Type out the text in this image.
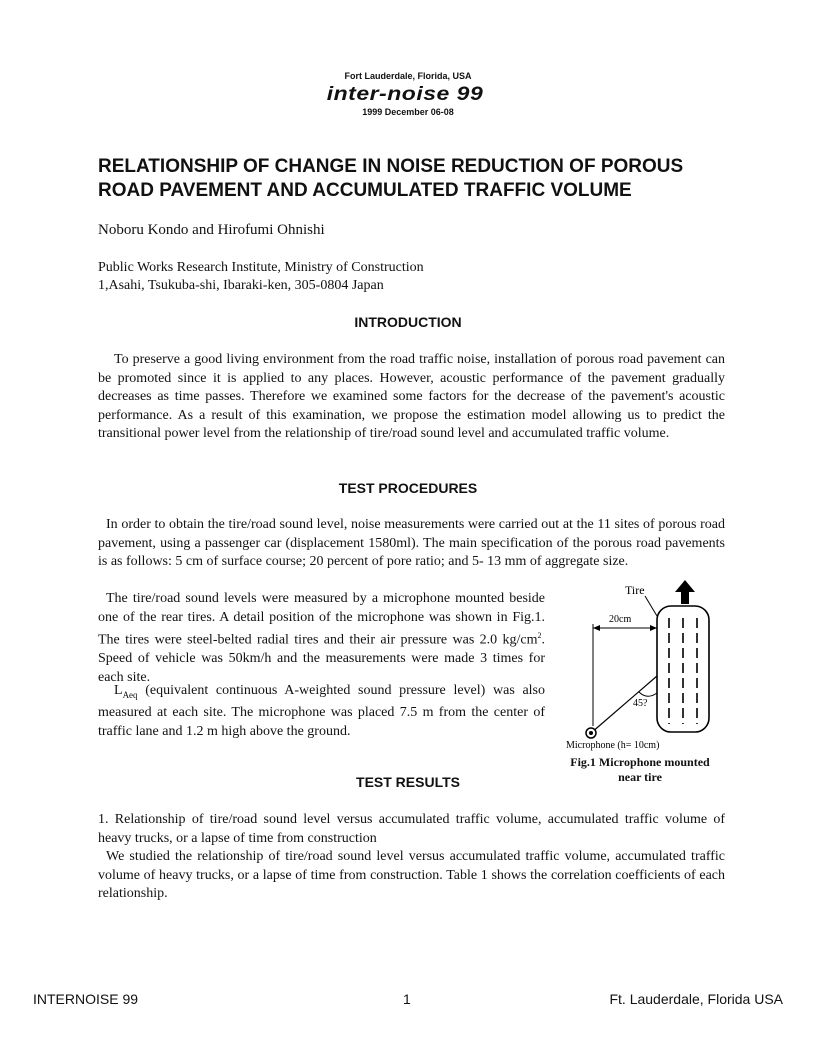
Fort Lauderdale, Florida, USA
inter-noise 99
1999 December 06-08
RELATIONSHIP OF CHANGE IN NOISE REDUCTION OF POROUS ROAD PAVEMENT AND ACCUMULATED TRAFFIC VOLUME
Noboru Kondo and Hirofumi Ohnishi
Public Works Research Institute, Ministry of Construction
1,Asahi, Tsukuba-shi, Ibaraki-ken, 305-0804 Japan
INTRODUCTION
To preserve a good living environment from the road traffic noise, installation of porous road pavement can be promoted since it is applied to any places. However, acoustic performance of the pavement gradually decreases as time passes. Therefore we examined some factors for the decrease of the pavement's acoustic performance. As a result of this examination, we propose the estimation model allowing us to predict the transitional power level from the relationship of tire/road sound level and accumulated traffic volume.
TEST PROCEDURES
In order to obtain the tire/road sound level, noise measurements were carried out at the 11 sites of porous road pavement, using a passenger car (displacement 1580ml). The main specification of the porous road pavements is as follows: 5 cm of surface course; 20 percent of pore ratio; and 5- 13 mm of aggregate size.
The tire/road sound levels were measured by a microphone mounted beside one of the rear tires. A detail position of the microphone was shown in Fig.1. The tires were steel-belted radial tires and their air pressure was 2.0 $kg/cm^2$. Speed of vehicle was 50km/h and the measurements were made 3 times for each site.
$L_{Aeq}$ (equivalent continuous A-weighted sound pressure level) was also measured at each site. The microphone was placed 7.5 m from the center of traffic lane and 1.2 m high above the ground.
Tire
20cm
45?
Microphone (h= 10cm)
Fig.1 Microphone mounted
near tire
TEST RESULTS
1. Relationship of tire/road sound level versus accumulated traffic volume, accumulated traffic volume of heavy trucks, or a lapse of time from construction
We studied the relationship of tire/road sound level versus accumulated traffic volume, accumulated traffic volume of heavy trucks, or a lapse of time from construction. Table 1 shows the correlation coefficients of each relationship.
INTERNOISE 99	1	Ft. Lauderdale, Florida USA
